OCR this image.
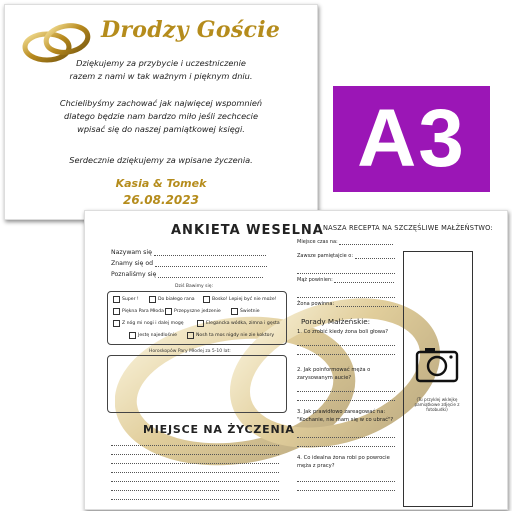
Drodzy Goście
Dziękujemy za przybycie i uczestniczenie
razem z nami w tak ważnym i pięknym dniu.
Chcielibyśmy zachować jak najwięcej wspomnień
dlatego będzie nam bardzo miło jeśli zechcecie
wpisać się do naszej pamiątkowej księgi.
Serdecznie dziękujemy za wpisane życzenia.
Kasia & Tomek
26.08.2023
A3
ANKIETA WESELNA
Nazywam się
Znamy się od
Poznaliśmy się
Dziś Bawimy się:
Super !	Do białego rana	Bosko! Lepiej być nie może!
Piękna Para Młoda Przepyszne jedzenie	Świetnie
Z nóg mi nogi i dalej mogę	Elegancka wódka, zimna i gęsta
Jestę najedlośnie	Nosh ta mos nigdy nie zie koktory
Horoskopów Pary Młodej za 5-10 lat:
MIEJSCE NA ŻYCZENIA
NASZA RECEPTA NA SZCZĘŚLIWE MAŁŻEŃSTWO:
Miejsce czas na:
Zawsze pamiętajcie o:
Mąż powinien:
Żona powinna:
Porady Małżeńskie:
1. Co zrobić kiedy żona boli głowa?
2. Jak poinformować męża o zarysowanym aucie?
3. Jak prawidłowo zareagować na: "Kochanie, nie mam się w co ubrać"?
4. Co idealna żona robi po powrocie męża z pracy?
(Tu przyklej wklejkę pamiątkowe zdjęcie z fotobudki)
